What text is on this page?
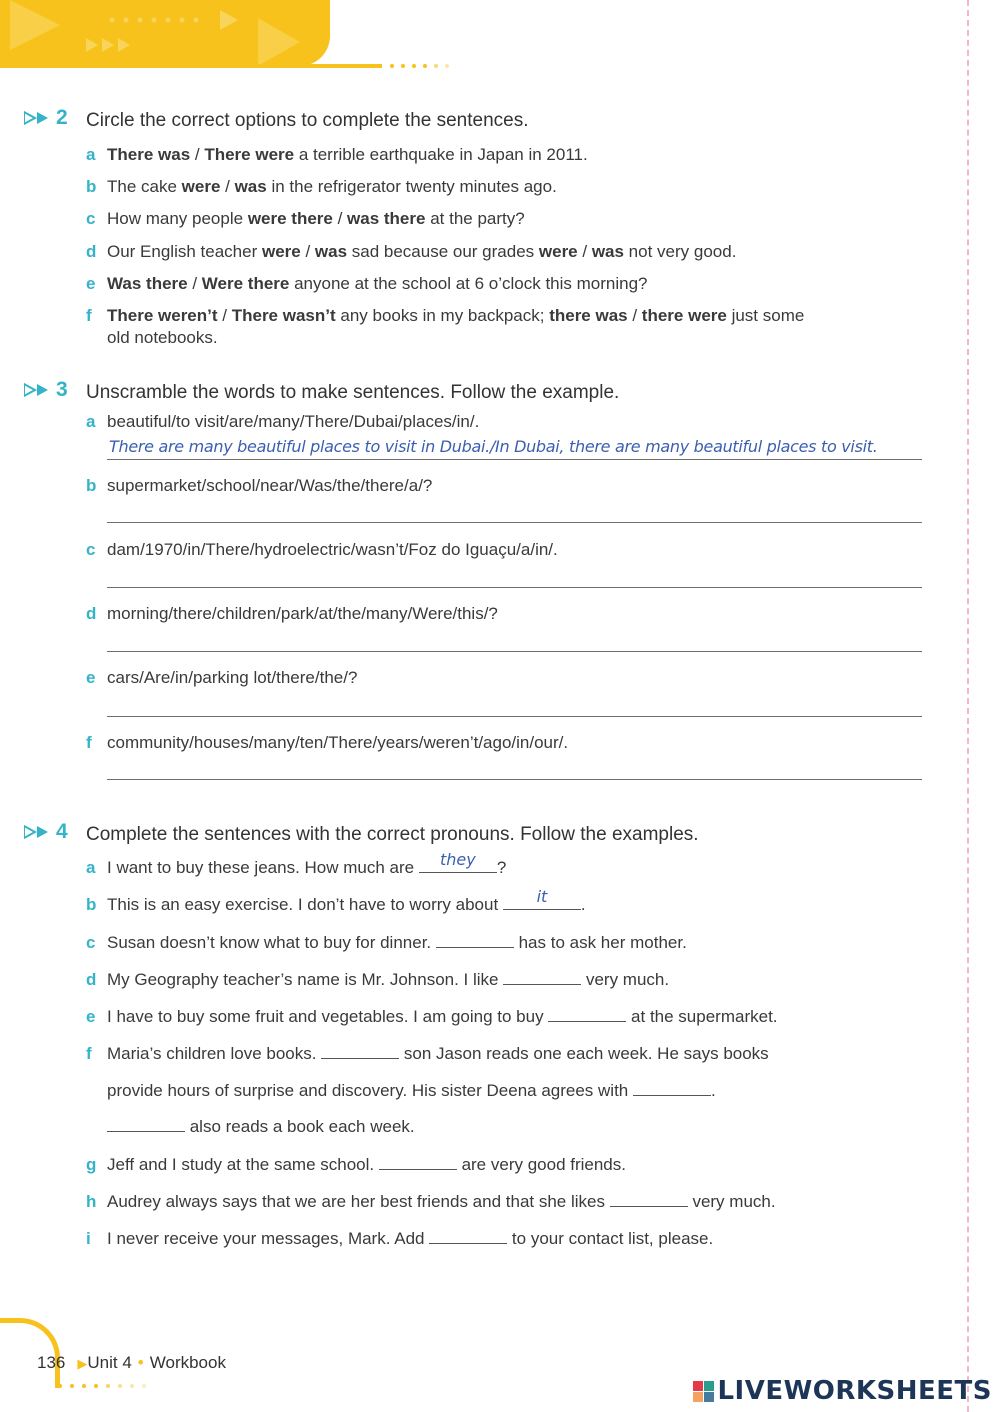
2 Circle the correct options to complete the sentences.
a There was / There were a terrible earthquake in Japan in 2011.
b The cake were / was in the refrigerator twenty minutes ago.
c How many people were there / was there at the party?
d Our English teacher were / was sad because our grades were / was not very good.
e Was there / Were there anyone at the school at 6 o’clock this morning?
f There weren’t / There wasn’t any books in my backpack; there was / there were just some
old notebooks.
3 Unscramble the words to make sentences. Follow the example.
a beautiful/to visit/are/many/There/Dubai/places/in/.
There are many beautiful places to visit in Dubai./In Dubai, there are many beautiful places to visit.
b supermarket/school/near/Was/the/there/a/?
c dam/1970/in/There/hydroelectric/wasn’t/Foz do Iguaçu/a/in/.
d morning/there/children/park/at/the/many/Were/this/?
e cars/Are/in/parking lot/there/the/?
f community/houses/many/ten/There/years/weren’t/ago/in/our/.
4 Complete the sentences with the correct pronouns. Follow the examples.
a I want to buy these jeans. How much are	they	?
b This is an easy exercise. I don’t have to worry about	it	.
c Susan doesn’t know what to buy for dinner.	has to ask her mother.
d My Geography teacher’s name is Mr. Johnson. I like	very much.
e I have to buy some fruit and vegetables. I am going to buy	at the supermarket.
f Maria’s children love books.	son Jason reads one each week. He says books
provide hours of surprise and discovery. His sister Deena agrees with	.
also reads a book each week.
g Jeff and I study at the same school.	are very good friends.
h Audrey always says that we are her best friends and that she likes	very much.
i I never receive your messages, Mark. Add	to your contact list, please.
136 ▶Unit 4 • Workbook
LIVEWORKSHEETS
